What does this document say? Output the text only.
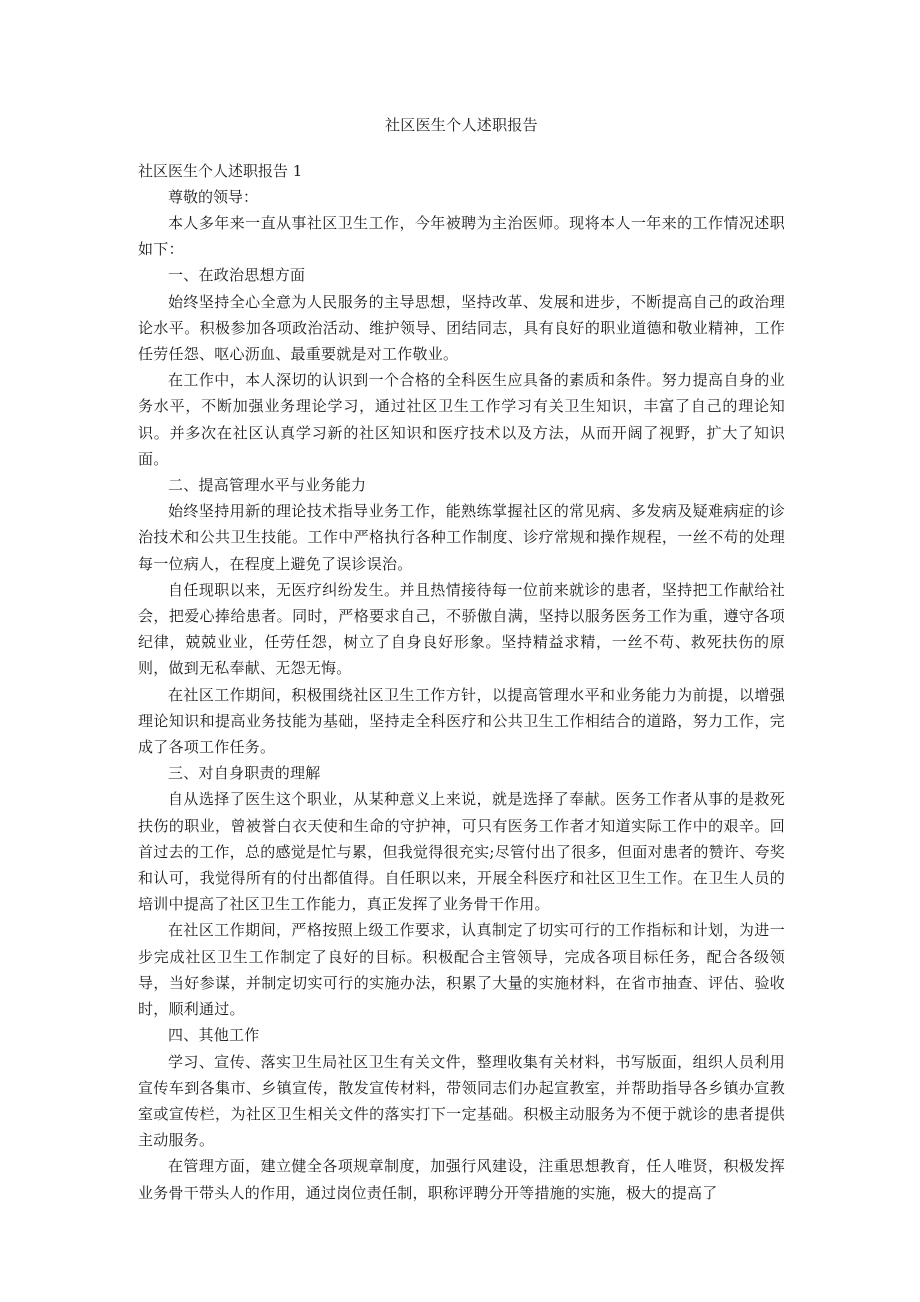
社区医生个人述职报告

社区医生个人述职报告 1

尊敬的领导：

本人多年来一直从事社区卫生工作，今年被聘为主治医师。现将本人一年来的工作情况述职如下：

一、在政治思想方面

始终坚持全心全意为人民服务的主导思想，坚持改革、发展和进步，不断提高自己的政治理论水平。积极参加各项政治活动、维护领导、团结同志，具有良好的职业道德和敬业精神，工作任劳任怨、呕心沥血、最重要就是对工作敬业。

在工作中，本人深切的认识到一个合格的全科医生应具备的素质和条件。努力提高自身的业务水平，不断加强业务理论学习，通过社区卫生工作学习有关卫生知识，丰富了自己的理论知识。并多次在社区认真学习新的社区知识和医疗技术以及方法，从而开阔了视野，扩大了知识面。

二、提高管理水平与业务能力

始终坚持用新的理论技术指导业务工作，能熟练掌握社区的常见病、多发病及疑难病症的诊治技术和公共卫生技能。工作中严格执行各种工作制度、诊疗常规和操作规程，一丝不苟的处理每一位病人，在程度上避免了误诊误治。

自任现职以来，无医疗纠纷发生。并且热情接待每一位前来就诊的患者，坚持把工作献给社会，把爱心捧给患者。同时，严格要求自己，不骄傲自满，坚持以服务医务工作为重，遵守各项纪律，兢兢业业，任劳任怨，树立了自身良好形象。坚持精益求精，一丝不苟、救死扶伤的原则，做到无私奉献、无怨无悔。

在社区工作期间，积极围绕社区卫生工作方针，以提高管理水平和业务能力为前提，以增强理论知识和提高业务技能为基础，坚持走全科医疗和公共卫生工作相结合的道路，努力工作，完成了各项工作任务。

三、对自身职责的理解

自从选择了医生这个职业，从某种意义上来说，就是选择了奉献。医务工作者从事的是救死扶伤的职业，曾被誉白衣天使和生命的守护神，可只有医务工作者才知道实际工作中的艰辛。回首过去的工作，总的感觉是忙与累，但我觉得很充实;尽管付出了很多，但面对患者的赞许、夸奖和认可，我觉得所有的付出都值得。自任职以来，开展全科医疗和社区卫生工作。在卫生人员的培训中提高了社区卫生工作能力，真正发挥了业务骨干作用。

在社区工作期间，严格按照上级工作要求，认真制定了切实可行的工作指标和计划，为进一步完成社区卫生工作制定了良好的目标。积极配合主管领导，完成各项目标任务，配合各级领导，当好参谋，并制定切实可行的实施办法，积累了大量的实施材料，在省市抽查、评估、验收时，顺利通过。

四、其他工作

学习、宣传、落实卫生局社区卫生有关文件，整理收集有关材料，书写版面，组织人员利用宣传车到各集市、乡镇宣传，散发宣传材料，带领同志们办起宣教室，并帮助指导各乡镇办宣教室或宣传栏，为社区卫生相关文件的落实打下一定基础。积极主动服务为不便于就诊的患者提供主动服务。

在管理方面，建立健全各项规章制度，加强行风建设，注重思想教育，任人唯贤，积极发挥业务骨干带头人的作用，通过岗位责任制，职称评聘分开等措施的实施，极大的提高了
